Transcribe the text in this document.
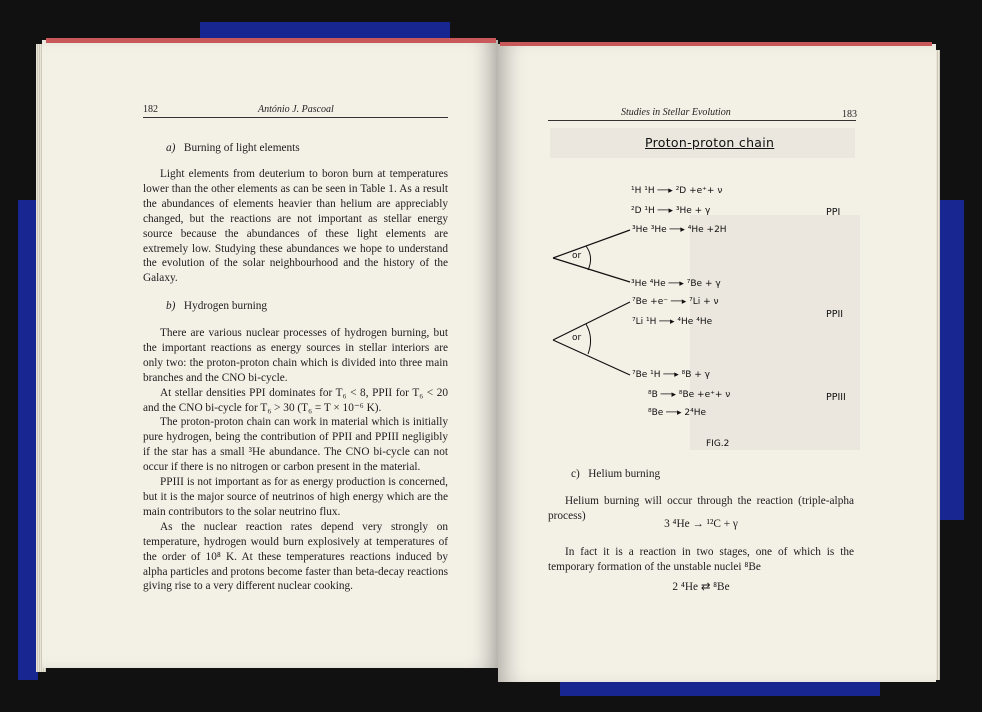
182	António J. Pascoal
a) Burning of light elements

Light elements from deuterium to boron burn at temperatures lower than the other elements as can be seen in Table 1. As a result the abundances of elements heavier than helium are appreciably changed, but the reactions are not important as stellar energy source because the abundances of these light elements are extremely low. Studying these abundances we hope to understand the evolution of the solar neighbourhood and the history of the Galaxy.

b) Hydrogen burning

There are various nuclear processes of hydrogen burning, but the important reactions as energy sources in stellar interiors are only two: the proton-proton chain which is divided into three main branches and the CNO bi-cycle.

At stellar densities PPI dominates for T₆ < 8, PPII for T₆ < 20 and the CNO bi-cycle for T₆ > 30 (T₆ = T × 10⁻⁶ K).

The proton-proton chain can work in material which is initially pure hydrogen, being the contribution of PPII and PPIII negligibly if the star has a small ³He abundance. The CNO bi-cycle can not occur if there is no nitrogen or carbon present in the material.

PPIII is not important as for as energy production is concerned, but it is the major source of neutrinos of high energy which are the main contributors to the solar neutrino flux.

As the nuclear reaction rates depend very strongly on temperature, hydrogen would burn explosively at temperatures of the order of 10⁸ K. At these temperatures reactions induced by alpha particles and protons become faster than beta-decay reactions giving rise to a very different nuclear cooking.

Studies in Stellar Evolution	183
Proton-proton chain
¹H ¹H ──▸ ²D +e⁺+ ν
²D ¹H ──▸ ³He + γ
³He ³He ──▸ ⁴He +2H
PPI
³He ⁴He ──▸ ⁷Be + γ
⁷Be +e⁻ ──▸ ⁷Li + ν
⁷Li ¹H ──▸ ⁴He ⁴He
PPII
⁷Be ¹H ──▸ ⁸B + γ
⁸B ──▸ ⁸Be +e⁺+ ν
⁸Be ──▸ 2⁴He
PPIII
or
or
FIG.2
c) Helium burning

Helium burning will occur through the reaction (triple-alpha process)

3 ⁴He → ¹²C + γ

In fact it is a reaction in two stages, one of which is the temporary formation of the unstable nuclei ⁸Be

2 ⁴He ⇄ ⁸Be
